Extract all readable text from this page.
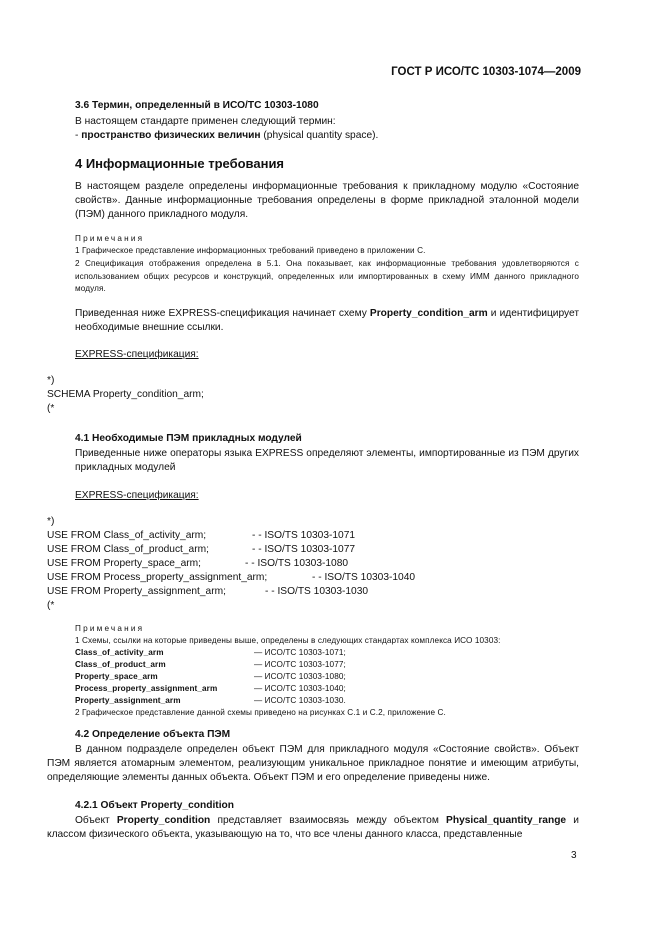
ГОСТ Р ИСО/ТС 10303-1074—2009
3.6 Термин, определенный в ИСО/ТС 10303-1080
В настоящем стандарте применен следующий термин:
- пространство физических величин (physical quantity space).
4 Информационные требования
В настоящем разделе определены информационные требования к прикладному модулю «Состояние свойств». Данные информационные требования определены в форме прикладной эталонной модели (ПЭМ) данного прикладного модуля.
Примечания
1 Графическое представление информационных требований приведено в приложении С.
2 Спецификация отображения определена в 5.1. Она показывает, как информационные требования удовлетворяются с использованием общих ресурсов и конструкций, определенных или импортированных в схему ИММ данного прикладного модуля.
Приведенная ниже EXPRESS-спецификация начинает схему Property_condition_arm и идентифицирует необходимые внешние ссылки.
EXPRESS-спецификация:
*)
SCHEMA Property_condition_arm;
(*
4.1 Необходимые ПЭМ прикладных модулей
Приведенные ниже операторы языка EXPRESS определяют элементы, импортированные из ПЭМ других прикладных модулей
EXPRESS-спецификация:
*)
USE FROM Class_of_activity_arm;	- - ISO/TS 10303-1071
USE FROM Class_of_product_arm;	- - ISO/TS 10303-1077
USE FROM Property_space_arm;	- - ISO/TS 10303-1080
USE FROM Process_property_assignment_arm;	- - ISO/TS 10303-1040
USE FROM Property_assignment_arm;	- - ISO/TS 10303-1030
(*
Примечания
1 Схемы, ссылки на которые приведены выше, определены в следующих стандартах комплекса ИСО 10303:
Class_of_activity_arm	— ИСО/ТС 10303-1071;
Class_of_product_arm	— ИСО/ТС 10303-1077;
Property_space_arm	— ИСО/ТС 10303-1080;
Process_property_assignment_arm	— ИСО/ТС 10303-1040;
Property_assignment_arm	— ИСО/ТС 10303-1030.
2 Графическое представление данной схемы приведено на рисунках С.1 и С.2, приложение С.
4.2 Определение объекта ПЭМ
В данном подразделе определен объект ПЭМ для прикладного модуля «Состояние свойств». Объект ПЭМ является атомарным элементом, реализующим уникальное прикладное понятие и имеющим атрибуты, определяющие элементы данных объекта. Объект ПЭМ и его определение приведены ниже.
4.2.1 Объект Property_condition
Объект Property_condition представляет взаимосвязь между объектом Physical_quantity_range и классом физического объекта, указывающую на то, что все члены данного класса, представленные
3
